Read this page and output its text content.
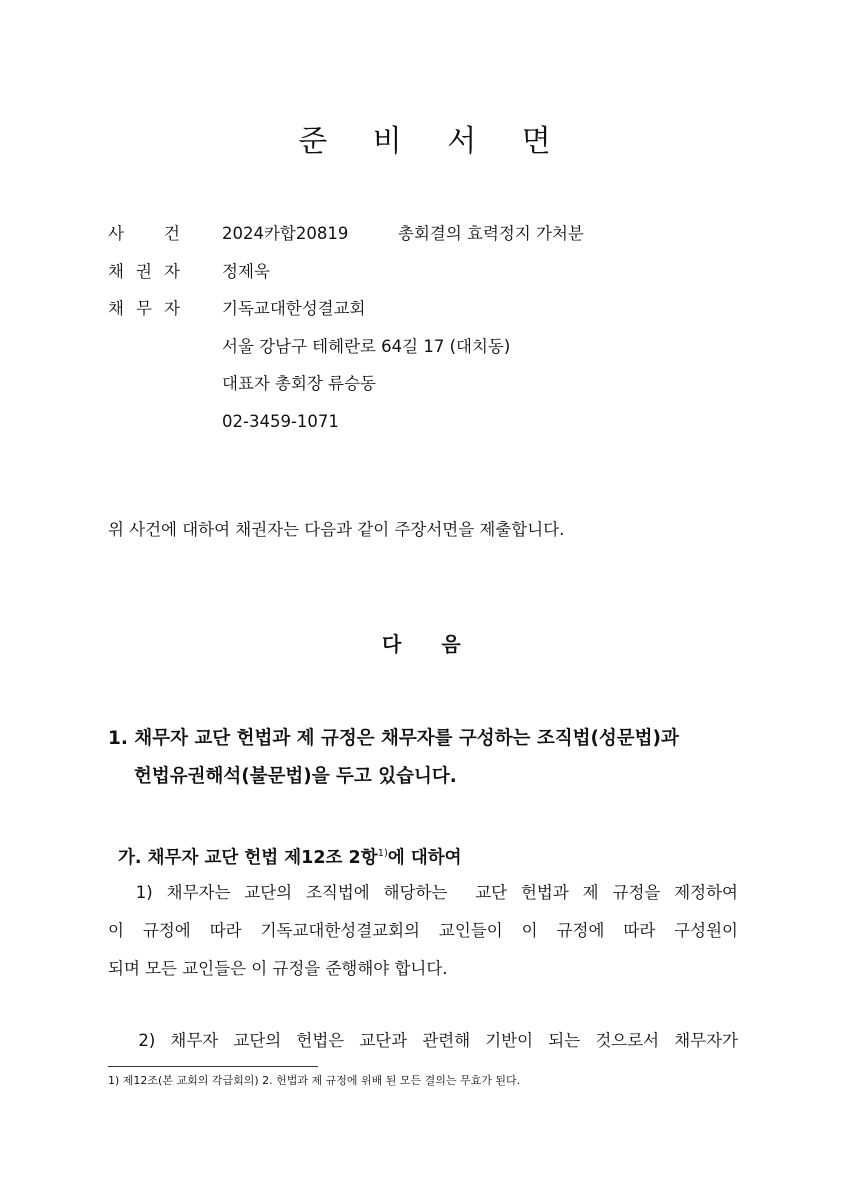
준 비 서 면
사 건	2024카합20819	총회결의 효력정지 가처분
채 권 자	정제욱
채 무 자	기독교대한성결교회
서울 강남구 테헤란로 64길 17 (대치동)
대표자 총회장 류승동
02-3459-1071

위 사건에 대하여 채권자는 다음과 같이 주장서면을 제출합니다.

다음
1. 채무자 교단 헌법과 제 규정은 채무자를 구성하는 조직법(성문법)과
헌법유권해석(불문법)을 두고 있습니다.
가. 채무자 교단 헌법 제12조 2항$^{1)}$에 대하여
1) 채무자는 교단의 조직법에 해당하는  교단 헌법과 제 규정을 제정하여
이 규정에 따라 기독교대한성결교회의 교인들이 이 규정에 따라 구성원이
되며 모든 교인들은 이 규정을 준행해야 합니다.
2) 채무자 교단의 헌법은 교단과 관련해 기반이 되는 것으로서 채무자가

1) 제12조(본 교회의 각급회의) 2. 헌법과 제 규정에 위배 된 모든 결의는 무효가 된다.
